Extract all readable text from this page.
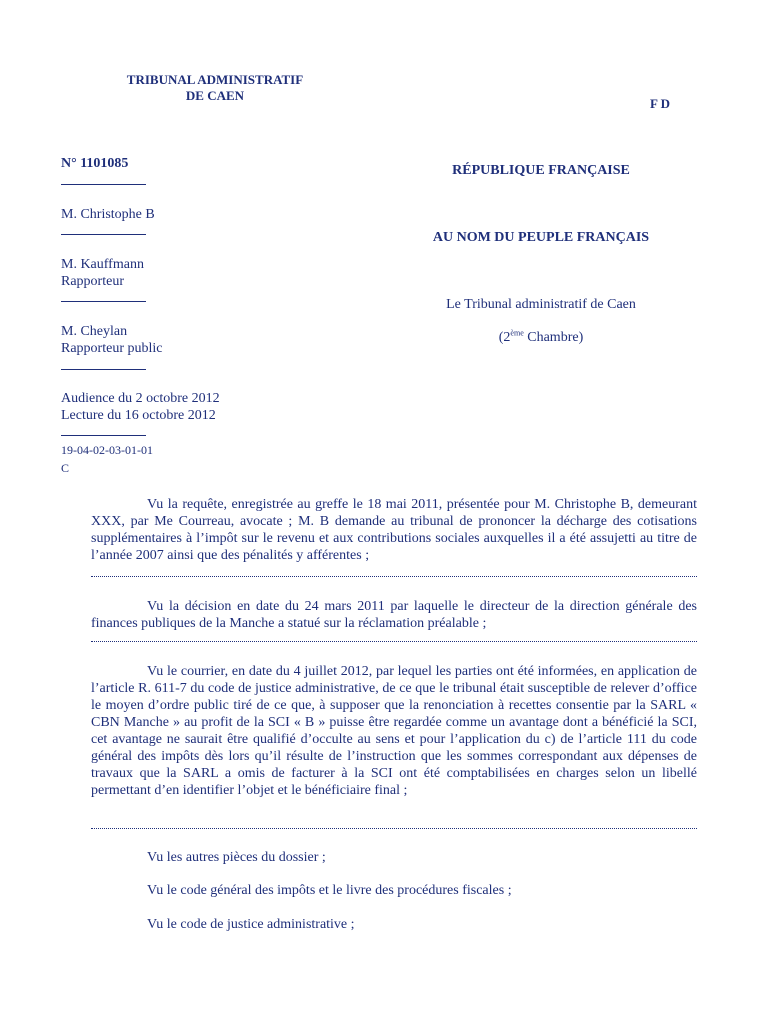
TRIBUNAL ADMINISTRATIF
DE CAEN
F D
N° 1101085
M. Christophe B
M. Kauffmann
Rapporteur
M. Cheylan
Rapporteur public
Audience du 2 octobre 2012
Lecture du 16 octobre 2012
19-04-02-03-01-01
C
RÉPUBLIQUE FRANÇAISE
AU NOM DU PEUPLE FRANÇAIS
Le Tribunal administratif de Caen
(2ème Chambre)
Vu la requête, enregistrée au greffe le 18 mai 2011, présentée pour M. Christophe B, demeurant XXX, par Me Courreau, avocate ; M. B demande au tribunal de prononcer la décharge des cotisations supplémentaires à l’impôt sur le revenu et aux contributions sociales auxquelles il a été assujetti au titre de l’année 2007 ainsi que des pénalités y afférentes ;
Vu la décision en date du 24 mars 2011 par laquelle le directeur de la direction générale des finances publiques de la Manche a statué sur la réclamation préalable ;
Vu le courrier, en date du 4 juillet 2012, par lequel les parties ont été informées, en application de l’article R. 611-7 du code de justice administrative, de ce que le tribunal était susceptible de relever d’office le moyen d’ordre public tiré de ce que, à supposer que la renonciation à recettes consentie par la SARL « CBN Manche » au profit de la SCI « B » puisse être regardée comme un avantage dont a bénéficié la SCI, cet avantage ne saurait être qualifié d’occulte au sens et pour l’application du c) de l’article 111 du code général des impôts dès lors qu’il résulte de l’instruction que les sommes correspondant aux dépenses de travaux que la SARL a omis de facturer à la SCI ont été comptabilisées en charges selon un libellé permettant d’en identifier l’objet et le bénéficiaire final ;
Vu les autres pièces du dossier ;
Vu le code général des impôts et le livre des procédures fiscales ;
Vu le code de justice administrative ;
